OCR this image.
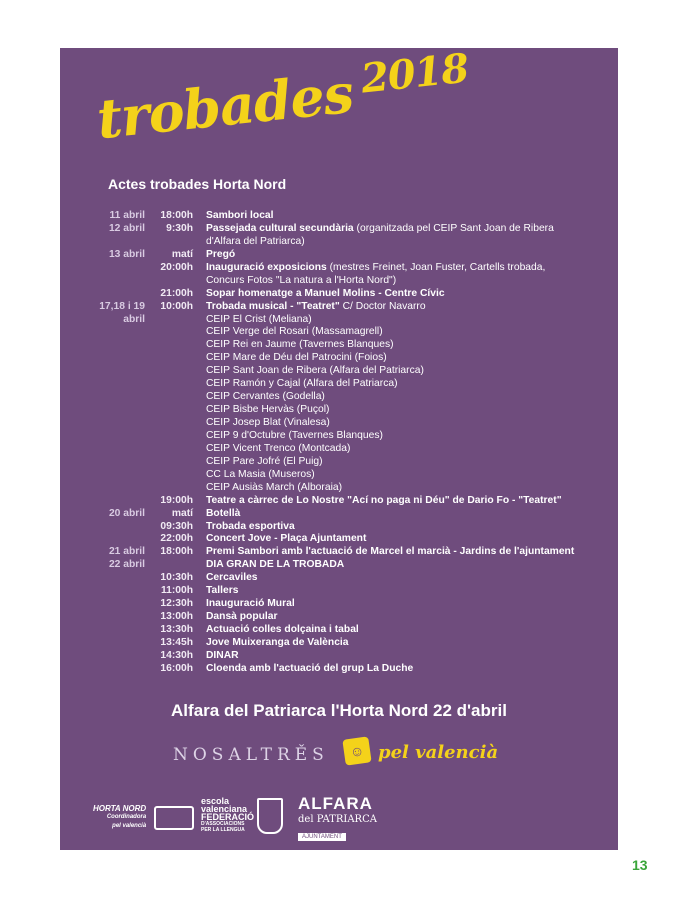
trobades$^{2018}$
Actes trobades Horta Nord
11 abril 18:00h Sambori local
12 abril 9:30h Passejada cultural secundària (organitzada pel CEIP Sant Joan de Ribera
d'Alfara del Patriarca)
13 abril	matí Pregó
20:00h Inauguració exposicions (mestres Freinet, Joan Fuster, Cartells trobada,
Concurs Fotos "La natura a l'Horta Nord")
21:00h Sopar homenatge a Manuel Molins - Centre Cívic
17,18 i 19 10:00h Trobada musical - "Teatret" C/ Doctor Navarro
abril	CEIP El Crist (Meliana)
CEIP Verge del Rosari (Massamagrell)
CEIP Rei en Jaume (Tavernes Blanques)
CEIP Mare de Déu del Patrocini (Foios)
CEIP Sant Joan de Ribera (Alfara del Patriarca)
CEIP Ramón y Cajal (Alfara del Patriarca)
CEIP Cervantes (Godella)
CEIP Bisbe Hervàs (Puçol)
CEIP Josep Blat (Vinalesa)
CEIP 9 d'Octubre (Tavernes Blanques)
CEIP Vicent Trenco (Montcada)
CEIP Pare Jofré (El Puig)
CC La Masia (Museros)
CEIP Ausiàs March (Alboraia)
19:00h Teatre a càrrec de Lo Nostre "Ací no paga ni Déu" de Dario Fo - "Teatret"
20 abril	matí Botellà
09:30h Trobada esportiva
22:00h Concert Jove - Plaça Ajuntament
21 abril 18:00h Premi Sambori amb l'actuació de Marcel el marcià - Jardins de l'ajuntament
22 abril	DIA GRAN DE LA TROBADA
10:30h Cercaviles
11:00h Tallers
12:30h Inauguració Mural
13:00h Dansà popular
13:30h Actuació colles dolçaina i tabal
13:45h Jove Muixeranga de València
14:30h DINAR
16:00h Cloenda amb l'actuació del grup La Duche
Alfara del Patriarca l'Horta Nord 22 d'abril
NOSALTRĚS	☺ pel valencià
HORTA NORD
Coordinadora
pel valencià
escola
valenciana
FEDERACIÓ
D'ASSOCIACIONS
PER LA LLENGUA
ALFARA
del PATRIARCA
AJUNTAMENT
13
